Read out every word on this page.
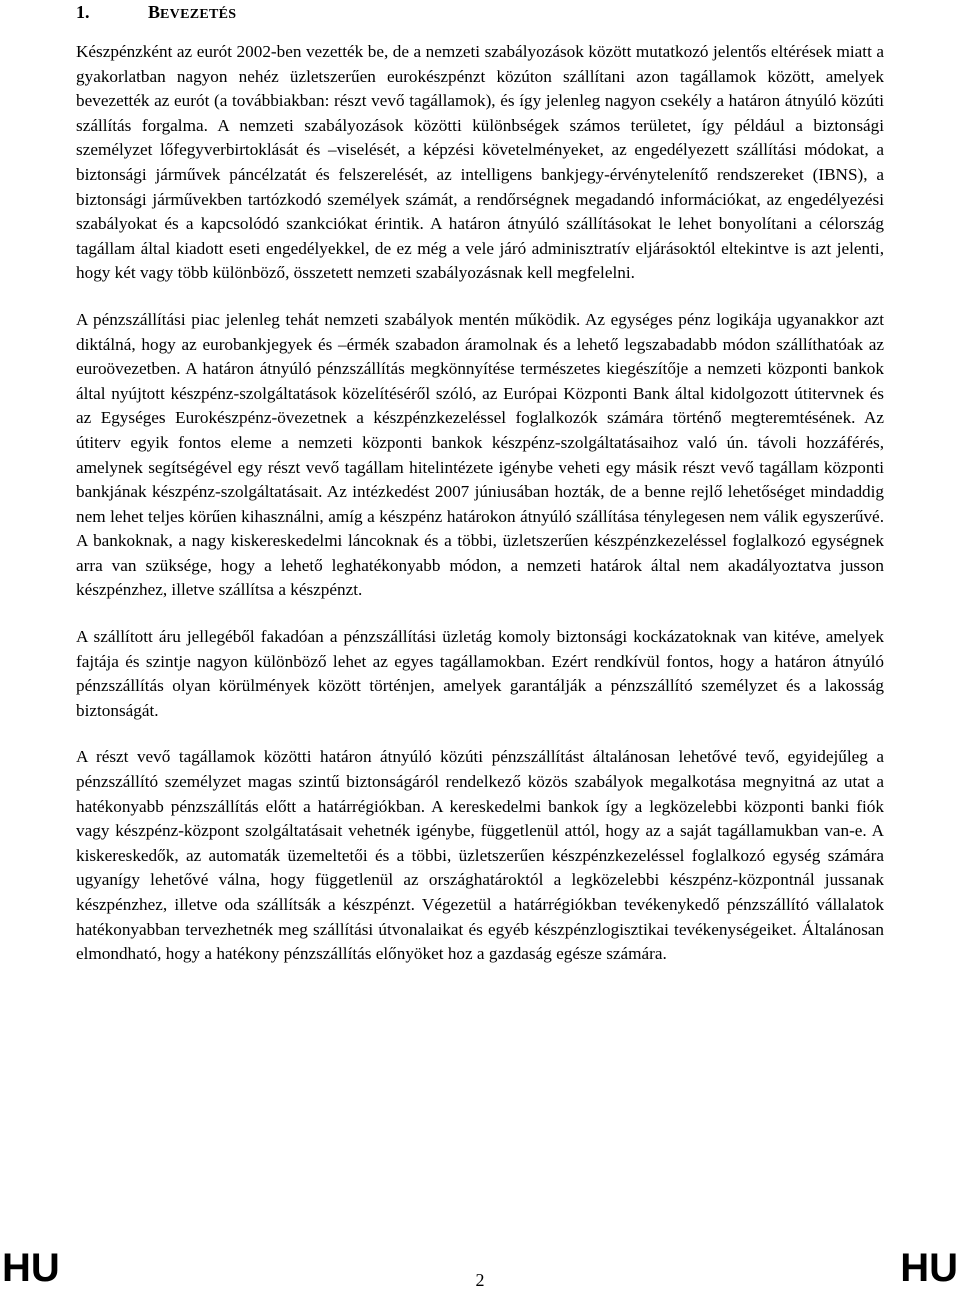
1.	BEVEZETÉS

Készpénzként az eurót 2002-ben vezették be, de a nemzeti szabályozások között mutatkozó jelentős eltérések miatt a gyakorlatban nagyon nehéz üzletszerűen eurokészpénzt közúton szállítani azon tagállamok között, amelyek bevezették az eurót (a továbbiakban: részt vevő tagállamok), és így jelenleg nagyon csekély a határon átnyúló közúti szállítás forgalma. A nemzeti szabályozások közötti különbségek számos területet, így például a biztonsági személyzet lőfegyverbirtoklását és –viselését, a képzési követelményeket, az engedélyezett szállítási módokat, a biztonsági járművek páncélzatát és felszerelését, az intelligens bankjegy-érvénytelenítő rendszereket (IBNS), a biztonsági járművekben tartózkodó személyek számát, a rendőrségnek megadandó információkat, az engedélyezési szabályokat és a kapcsolódó szankciókat érintik. A határon átnyúló szállításokat le lehet bonyolítani a célország tagállam által kiadott eseti engedélyekkel, de ez még a vele járó adminisztratív eljárásoktól eltekintve is azt jelenti, hogy két vagy több különböző, összetett nemzeti szabályozásnak kell megfelelni.

A pénzszállítási piac jelenleg tehát nemzeti szabályok mentén működik. Az egységes pénz logikája ugyanakkor azt diktálná, hogy az eurobankjegyek és –érmék szabadon áramolnak és a lehető legszabadabb módon szállíthatóak az euroövezetben. A határon átnyúló pénzszállítás megkönnyítése természetes kiegészítője a nemzeti központi bankok által nyújtott készpénz-szolgáltatások közelítéséről szóló, az Európai Központi Bank által kidolgozott útitervnek és az Egységes Eurokészpénz-övezetnek a készpénzkezeléssel foglalkozók számára történő megteremtésének. Az útiterv egyik fontos eleme a nemzeti központi bankok készpénz-szolgáltatásaihoz való ún. távoli hozzáférés, amelynek segítségével egy részt vevő tagállam hitelintézete igénybe veheti egy másik részt vevő tagállam központi bankjának készpénz-szolgáltatásait. Az intézkedést 2007 júniusában hozták, de a benne rejlő lehetőséget mindaddig nem lehet teljes körűen kihasználni, amíg a készpénz határokon átnyúló szállítása ténylegesen nem válik egyszerűvé. A bankoknak, a nagy kiskereskedelmi láncoknak és a többi, üzletszerűen készpénzkezeléssel foglalkozó egységnek arra van szüksége, hogy a lehető leghatékonyabb módon, a nemzeti határok által nem akadályoztatva jusson készpénzhez, illetve szállítsa a készpénzt.

A szállított áru jellegéből fakadóan a pénzszállítási üzletág komoly biztonsági kockázatoknak van kitéve, amelyek fajtája és szintje nagyon különböző lehet az egyes tagállamokban. Ezért rendkívül fontos, hogy a határon átnyúló pénzszállítás olyan körülmények között történjen, amelyek garantálják a pénzszállító személyzet és a lakosság biztonságát.

A részt vevő tagállamok közötti határon átnyúló közúti pénzszállítást általánosan lehetővé tevő, egyidejűleg a pénzszállító személyzet magas szintű biztonságáról rendelkező közös szabályok megalkotása megnyitná az utat a hatékonyabb pénzszállítás előtt a határrégiókban. A kereskedelmi bankok így a legközelebbi központi banki fiók vagy készpénz-központ szolgáltatásait vehetnék igénybe, függetlenül attól, hogy az a saját tagállamukban van-e. A kiskereskedők, az automaták üzemeltetői és a többi, üzletszerűen készpénzkezeléssel foglalkozó egység számára ugyanígy lehetővé válna, hogy függetlenül az országhatároktól a legközelebbi készpénz-központnál jussanak készpénzhez, illetve oda szállítsák a készpénzt. Végezetül a határrégiókban tevékenykedő pénzszállító vállalatok hatékonyabban tervezhetnék meg szállítási útvonalaikat és egyéb készpénzlogisztikai tevékenységeiket. Általánosan elmondható, hogy a hatékony pénzszállítás előnyöket hoz a gazdaság egésze számára.

HU	2	HU
